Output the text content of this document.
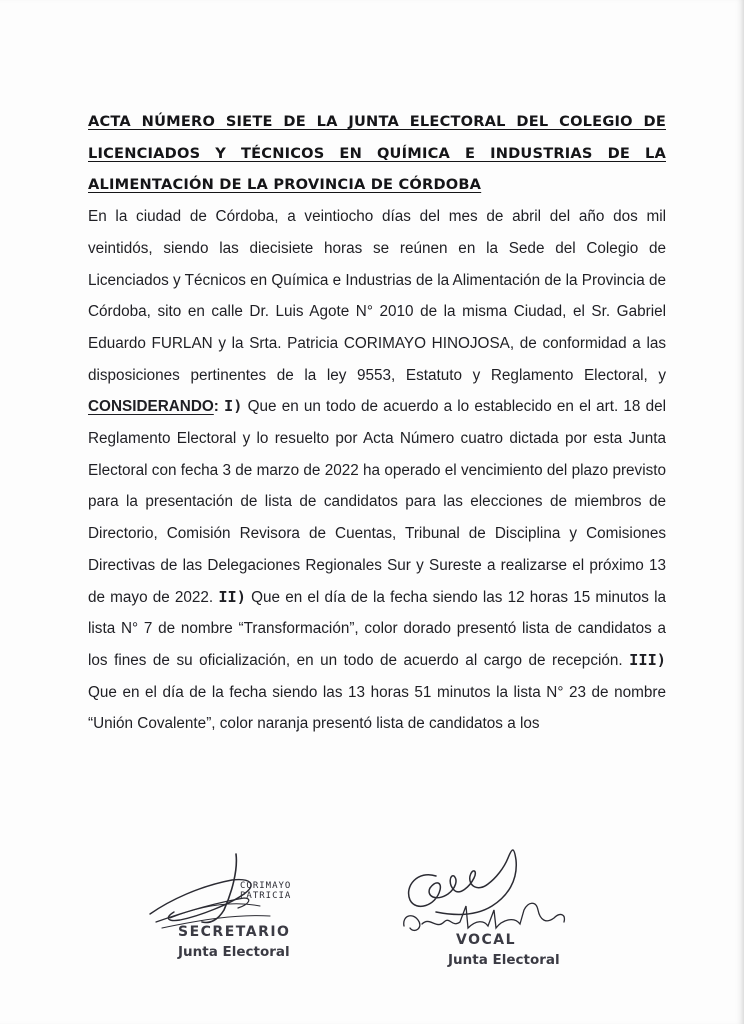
ACTA NÚMERO SIETE DE LA JUNTA ELECTORAL DEL COLEGIO DE
LICENCIADOS Y TÉCNICOS EN QUÍMICA E INDUSTRIAS DE LA
ALIMENTACIÓN DE LA PROVINCIA DE CÓRDOBA

En la ciudad de Córdoba, a veintiocho días del mes de abril del año dos mil veintidós, siendo las diecisiete horas se reúnen en la Sede del Colegio de Licenciados y Técnicos en Química e Industrias de la Alimentación de la Provincia de Córdoba, sito en calle Dr. Luis Agote N° 2010 de la misma Ciudad, el Sr. Gabriel Eduardo FURLAN y la Srta. Patricia CORIMAYO HINOJOSA, de conformidad a las disposiciones pertinentes de la ley 9553, Estatuto y Reglamento Electoral, y CONSIDERANDO: I) Que en un todo de acuerdo a lo establecido en el art. 18 del Reglamento Electoral y lo resuelto por Acta Número cuatro dictada por esta Junta Electoral con fecha 3 de marzo de 2022 ha operado el vencimiento del plazo previsto para la presentación de lista de candidatos para las elecciones de miembros de Directorio, Comisión Revisora de Cuentas, Tribunal de Disciplina y Comisiones Directivas de las Delegaciones Regionales Sur y Sureste a realizarse el próximo 13 de mayo de 2022. II) Que en el día de la fecha siendo las 12 horas 15 minutos la lista N° 7 de nombre “Transformación”, color dorado presentó lista de candidatos a los fines de su oficialización, en un todo de acuerdo al cargo de recepción. III) Que en el día de la fecha siendo las 13 horas 51 minutos la lista N° 23 de nombre “Unión Covalente”, color naranja presentó lista de candidatos a los

CORIMAYO PATRICIA
SECRETARIO
Junta Electoral
VOCAL
Junta Electoral
